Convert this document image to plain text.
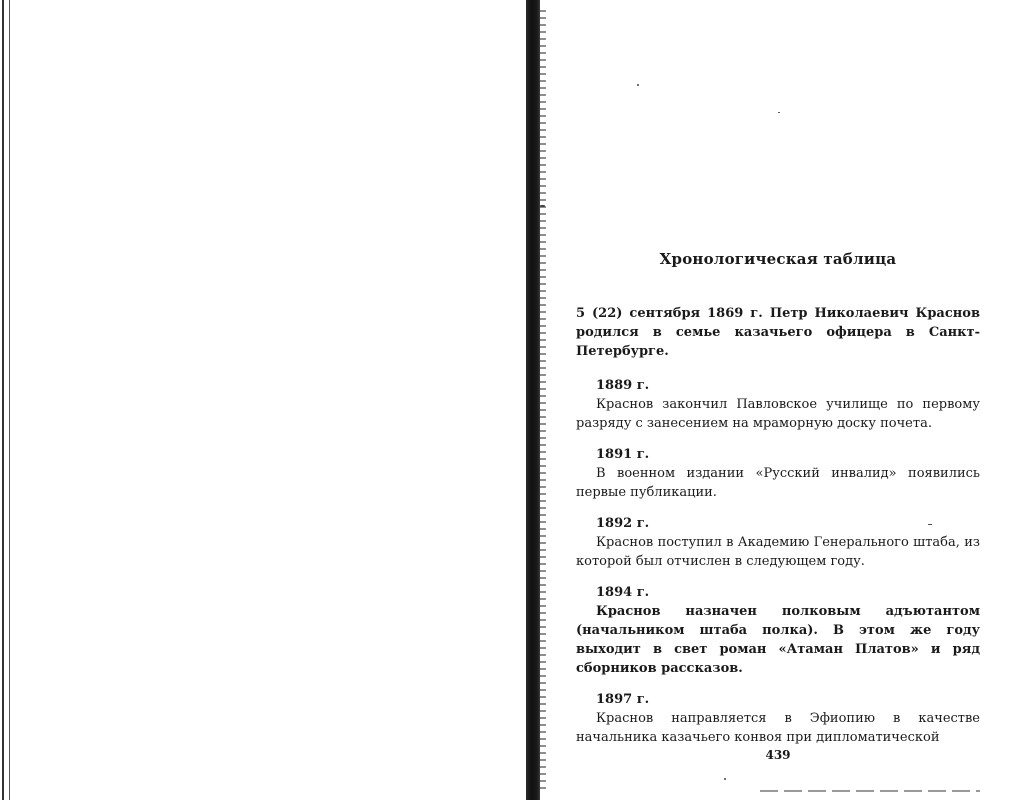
Хронологическая таблица

5 (22) сентября 1869 г. Петр Николаевич Краснов родился в семье казачьего офицера в Санкт-Петербурге.

1889 г.

Краснов закончил Павловское училище по первому разряду с занесением на мраморную доску почета.

1891 г.

В военном издании «Русский инвалид» появились первые публикации.

1892 г.

Краснов поступил в Академию Генерального штаба, из которой был отчислен в следующем году.

1894 г.

Краснов назначен полковым адъютантом (начальником штаба полка). В этом же году выходит в свет роман «Атаман Платов» и ряд сборников рассказов.

1897 г.

Краснов направляется в Эфиопию в качестве начальника казачьего конвоя при дипломатической

439
